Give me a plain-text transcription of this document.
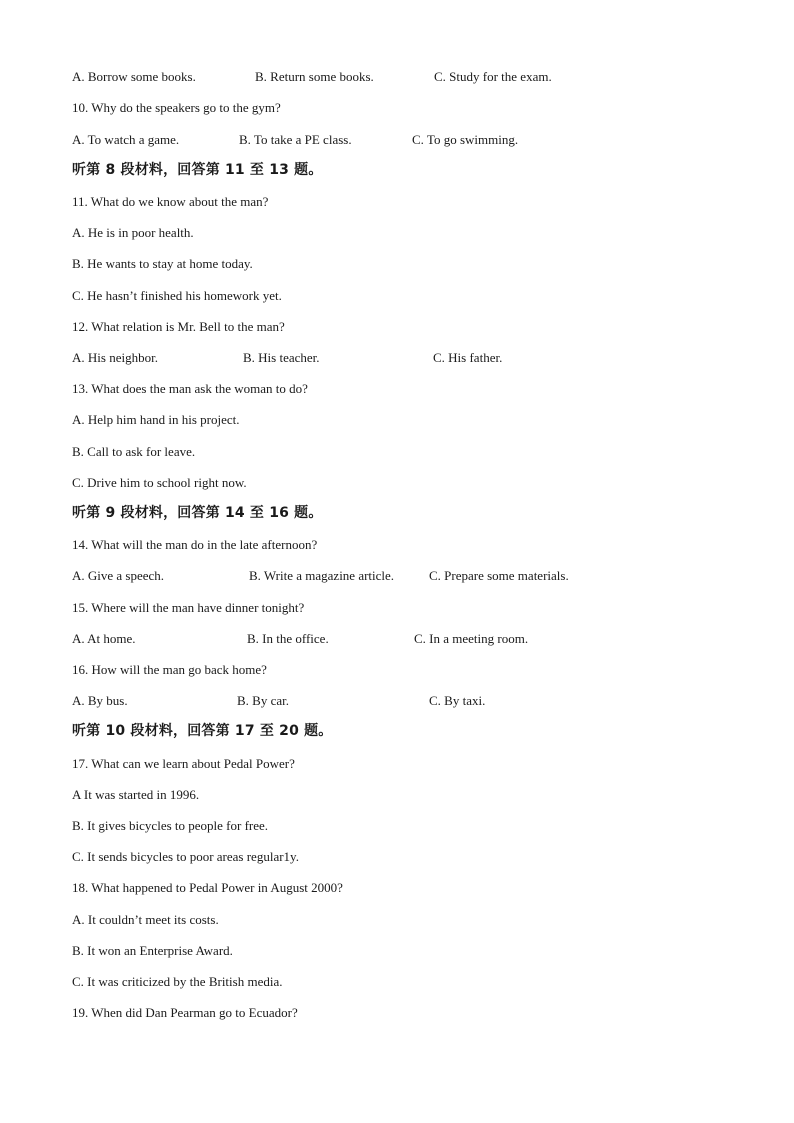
A. Borrow some books.	B. Return some books.	C. Study for the exam.
10. Why do the speakers go to the gym?
A. To watch a game.	B. To take a PE class.	C. To go swimming.
听第 8 段材料，回答第 11 至 13 题。
11. What do we know about the man?
A. He is in poor health.
B. He wants to stay at home today.
C. He hasn’t finished his homework yet.
12. What relation is Mr. Bell to the man?
A. His neighbor.	B. His teacher.	C. His father.
13. What does the man ask the woman to do?
A. Help him hand in his project.
B. Call to ask for leave.
C. Drive him to school right now.
听第 9 段材料，回答第 14 至 16 题。
14. What will the man do in the late afternoon?
A. Give a speech.	B. Write a magazine article.	C. Prepare some materials.
15. Where will the man have dinner tonight?
A. At home.	B. In the office.	C. In a meeting room.
16. How will the man go back home?
A. By bus.	B. By car.	C. By taxi.
听第 10 段材料，回答第 17 至 20 题。
17. What can we learn about Pedal Power?
A It was started in 1996.
B. It gives bicycles to people for free.
C. It sends bicycles to poor areas regular1y.
18. What happened to Pedal Power in August 2000?
A. It couldn’t meet its costs.
B. It won an Enterprise Award.
C. It was criticized by the British media.
19. When did Dan Pearman go to Ecuador?
